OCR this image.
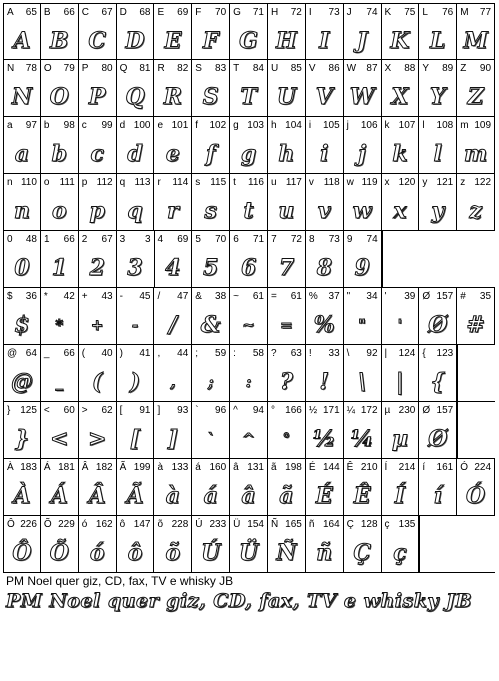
A 65
A
B 66
B
C 67
C
D 68
D
E 69
E
F 70
F
G 71
G
H 72
H
I 73
I
J 74
J
K 75
K
L 76
L
M 77
M
N 78
N
O 79
O
P 80
P
Q 81
Q
R 82
R
S 83
S
T 84
T
U 85
U
V 86
V
W 87
W
X 88
X
Y 89
Y
Z 90
Z
a 97
a
b 98
b
c 99
c
d 100
d
e 101
e
f 102
f
g 103
g
h 104
h
i 105
i
j 106
j
k 107
k
l 108
l
m 109
m
n 110
n
o 111
o
p 112
p
q 113
q
r 114
r
s 115
s
t 116
t
u 117
u
v 118
v
w 119
w
x 120
x
y 121
y
z 122
z
0 48
0
1 66
1
2 67
2
3 3
3
4 69
4
5 70
5
6 71
6
7 72
7
8 73
8
9 74
9
$ 36
$
* 42
*
+ 43
+
- 45
-
/ 47
/
& 38
&
~ 61
~
= 61
=
% 37
%
" 34
"
' 39
'
Ø 157
Ø
# 35
#
@ 64
@
_ 66
_
( 40
(
) 41
)
, 44
,
; 59
;
: 58
:
? 63
?
! 33
!
\ 92
\
| 124
|
{ 123
{
} 125
}
< 60
<
> 62
>
[ 91
[
] 93
]
` 96
`
^ 94
^
° 166
°
½ 171
½
¼ 172
¼
µ 230
µ
Ø 157
Ø
À 183
À
Á 181
Á
Â 182
Â
Ã 199
Ã
à 133
à
á 160
á
â 131
â
ã 198
ã
É 144
É
Ê 210
Ê
Í 214
Í
í 161
í
Ó 224
Ó
Ô 226
Ô
Õ 229
Õ
ó 162
ó
ô 147
ô
õ 228
õ
Ú 233
Ú
Ü 154
Ü
Ñ 165
Ñ
ñ 164
ñ
Ç 128
Ç
ç 135
ç
PM Noel quer giz, CD, fax, TV e whisky JB
PM Noel quer giz, CD, fax, TV e whisky JB
